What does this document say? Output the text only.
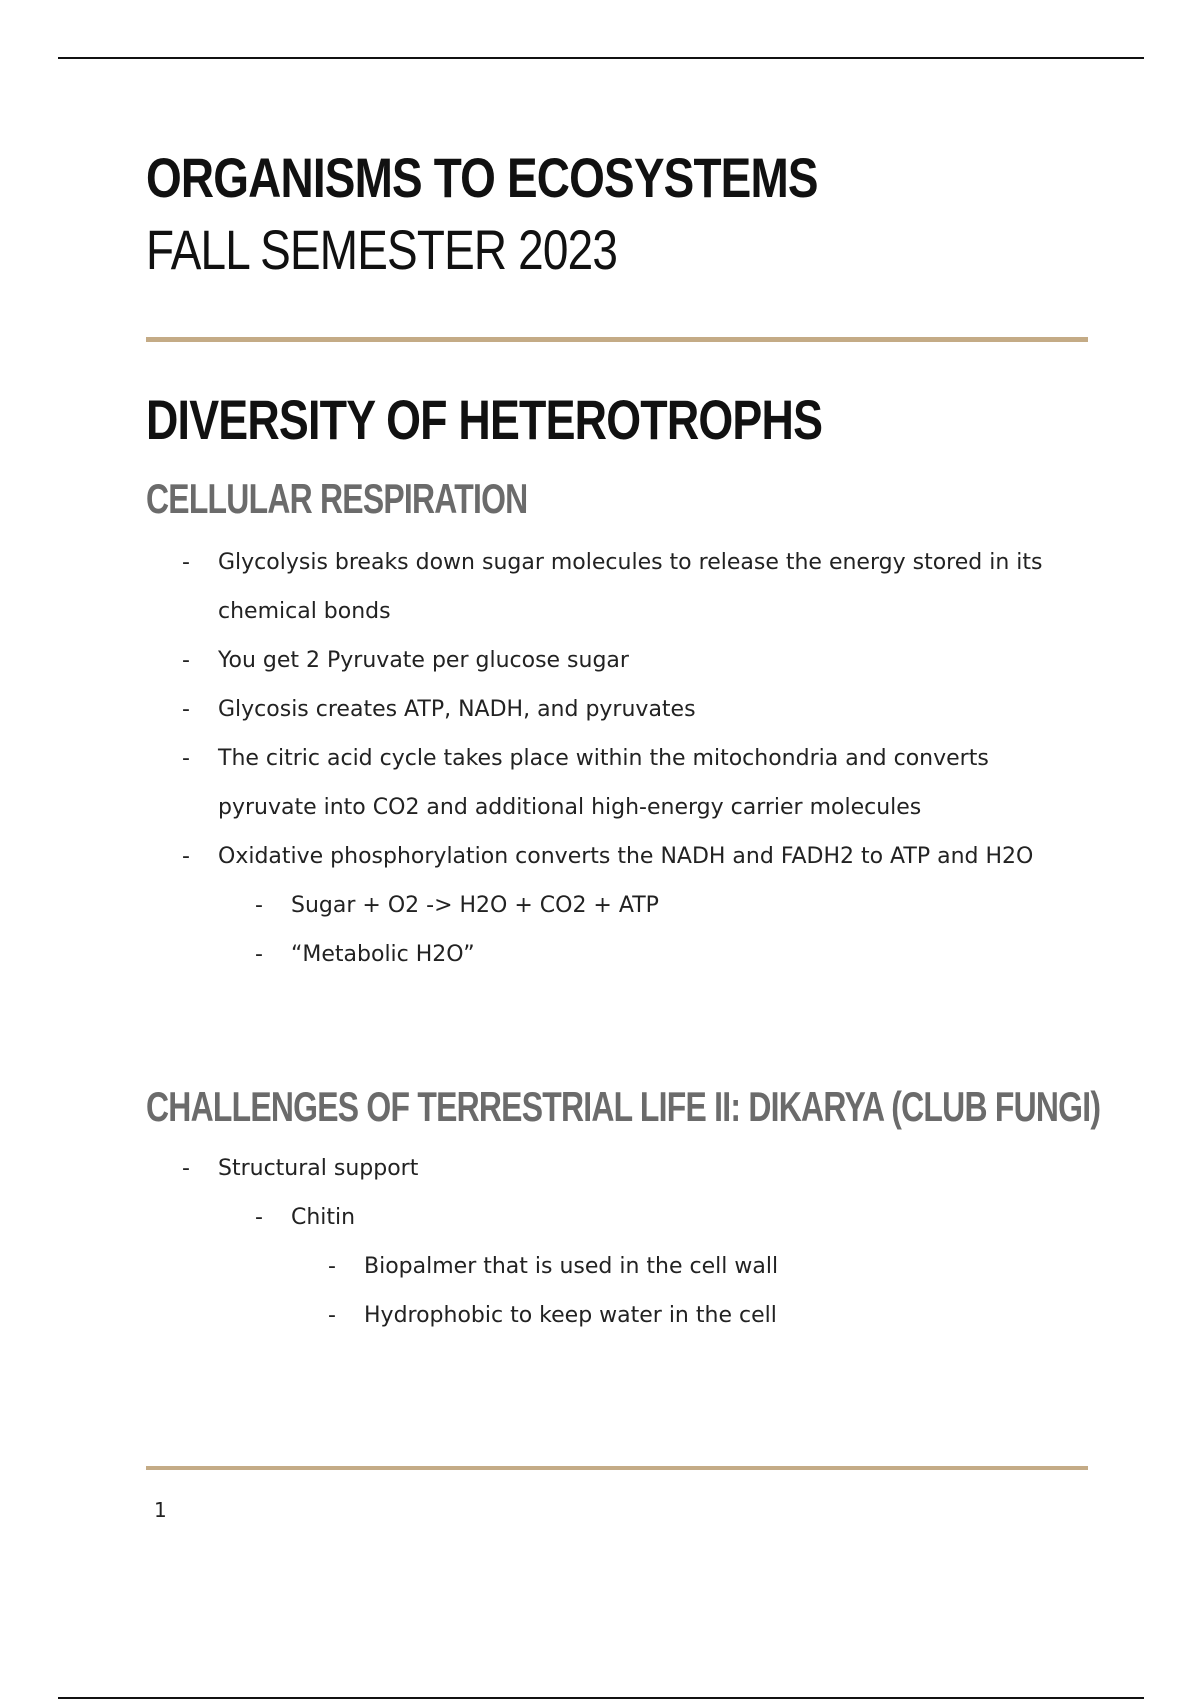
ORGANISMS TO ECOSYSTEMS
FALL SEMESTER 2023
DIVERSITY OF HETEROTROPHS
CELLULAR RESPIRATION
-	Glycolysis breaks down sugar molecules to release the energy stored in its chemical bonds
-	You get 2 Pyruvate per glucose sugar
-	Glycosis creates ATP, NADH, and pyruvates
-	The citric acid cycle takes place within the mitochondria and converts pyruvate into CO2 and additional high-energy carrier molecules
-	Oxidative phosphorylation converts the NADH and FADH2 to ATP and H2O
-	Sugar + O2 -> H2O + CO2 + ATP
-	“Metabolic H2O”
CHALLENGES OF TERRESTRIAL LIFE II: DIKARYA (CLUB FUNGI)
-	Structural support
-	Chitin
-	Biopalmer that is used in the cell wall
-	Hydrophobic to keep water in the cell
1
